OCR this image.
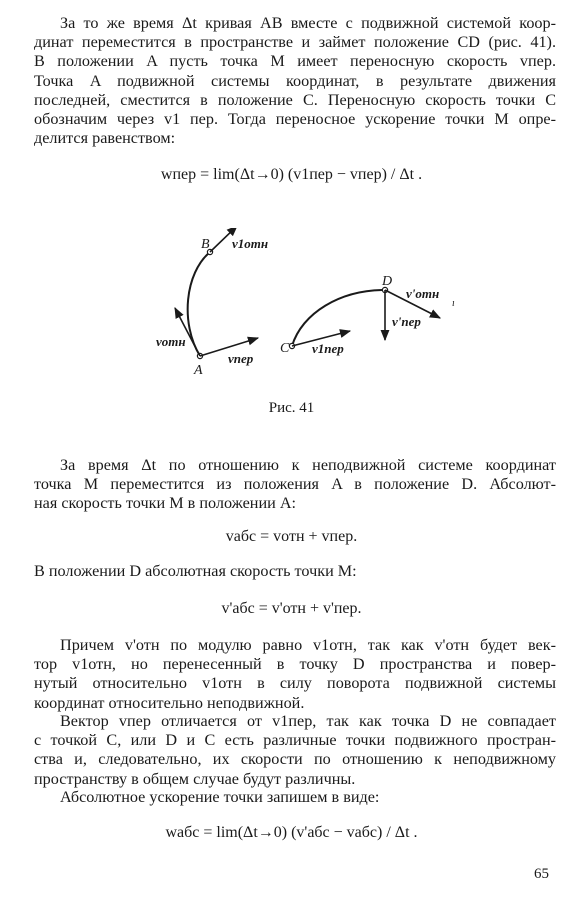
За то же время Δt кривая AB вместе с подвижной системой коор-
динат переместится в пространстве и займет положение CD (рис. 41).
В положении A пусть точка M имеет переносную скорость vпер.
Точка A подвижной системы координат, в результате движения
последней, сместится в положение C. Переносную скорость точки C
обозначим через v1 пер. Тогда переносное ускорение точки M опре-
делится равенством:
wпер = lim(Δt→0) (v1пер − vпер) / Δt .
B v1отн
vотн
A
vпер
C v1пер
D
v'отн
v'пер
ı
Рис. 41
За время Δt по отношению к неподвижной системе координат
точка M переместится из положения A в положение D. Абсолют-
ная скорость точки M в положении A:
vабс = vотн + vпер.
В положении D абсолютная скорость точки M:
v'абс = v'отн + v'пер.
Причем v'отн по модулю равно v1отн, так как v'отн будет век-
тор v1отн, но перенесенный в точку D пространства и повер-
нутый относительно v1отн в силу поворота подвижной системы
координат относительно неподвижной.
Вектор vпер отличается от v1пер, так как точка D не совпадает
с точкой C, или D и C есть различные точки подвижного простран-
ства и, следовательно, их скорости по отношению к неподвижному
пространству в общем случае будут различны.
Абсолютное ускорение точки запишем в виде:
wабс = lim(Δt→0) (v'абс − vабс) / Δt .
65
